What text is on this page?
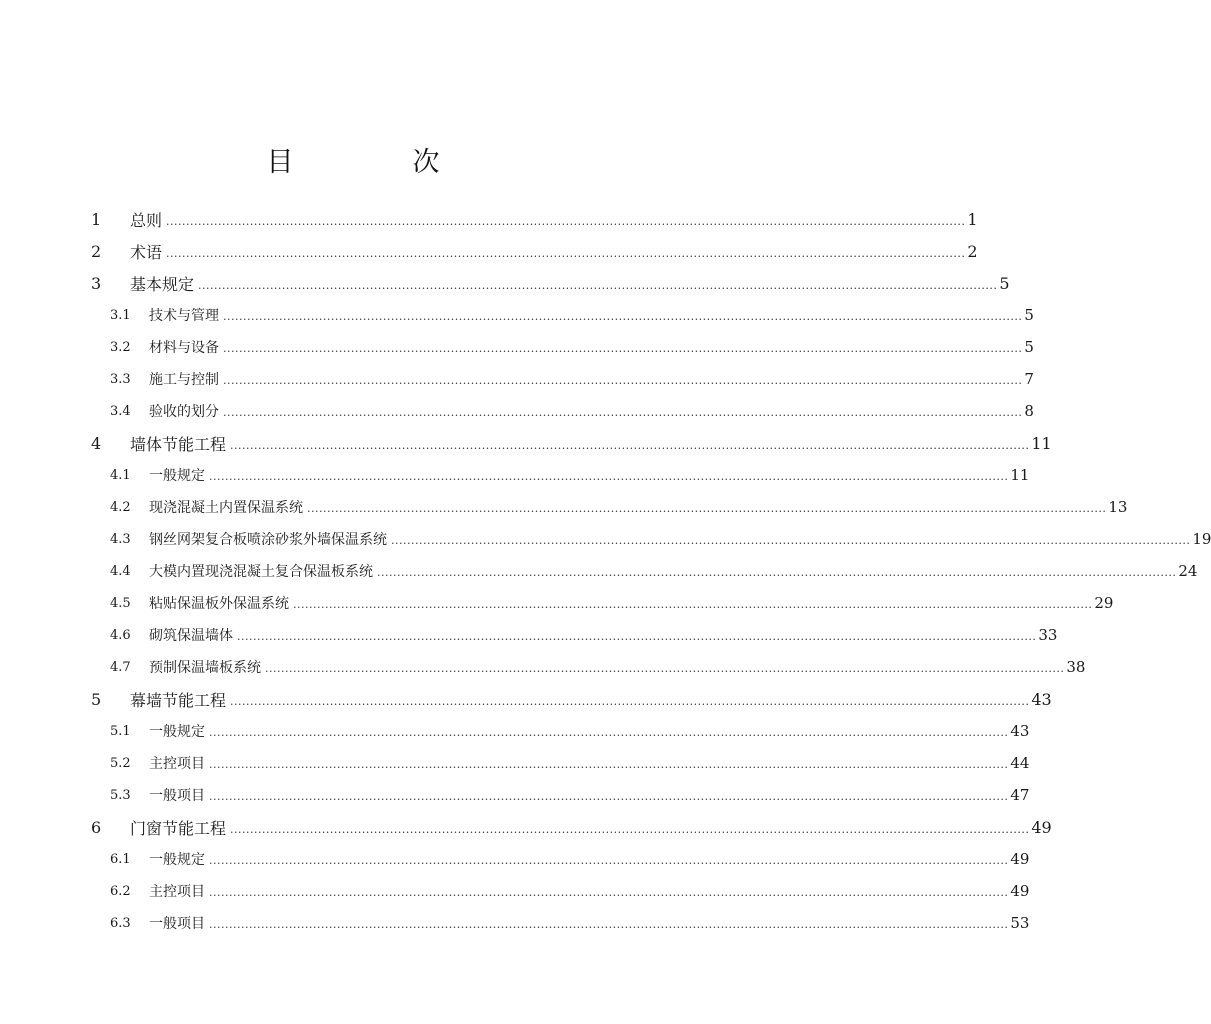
目　次
1 总则 ........................................................................................................................................................................................................ 1
2 术语 ........................................................................................................................................................................................................ 2
3 基本规定 ........................................................................................................................................................................................................ 5
3.1 技术与管理 ........................................................................................................................................................................................................ 5
3.2 材料与设备 ........................................................................................................................................................................................................ 5
3.3 施工与控制 ........................................................................................................................................................................................................ 7
3.4 验收的划分 ........................................................................................................................................................................................................ 8
4 墙体节能工程 ........................................................................................................................................................................................................ 11
4.1 一般规定 ........................................................................................................................................................................................................ 11
4.2 现浇混凝土内置保温系统 ........................................................................................................................................................................................................ 13
4.3 钢丝网架复合板喷涂砂浆外墙保温系统 ........................................................................................................................................................................................................ 19
4.4 大模内置现浇混凝土复合保温板系统 ........................................................................................................................................................................................................ 24
4.5 粘贴保温板外保温系统 ........................................................................................................................................................................................................ 29
4.6 砌筑保温墙体 ........................................................................................................................................................................................................ 33
4.7 预制保温墙板系统 ........................................................................................................................................................................................................ 38
5 幕墙节能工程 ........................................................................................................................................................................................................ 43
5.1 一般规定 ........................................................................................................................................................................................................ 43
5.2 主控项目 ........................................................................................................................................................................................................ 44
5.3 一般项目 ........................................................................................................................................................................................................ 47
6 门窗节能工程 ........................................................................................................................................................................................................ 49
6.1 一般规定 ........................................................................................................................................................................................................ 49
6.2 主控项目 ........................................................................................................................................................................................................ 49
6.3 一般项目 ........................................................................................................................................................................................................ 53
